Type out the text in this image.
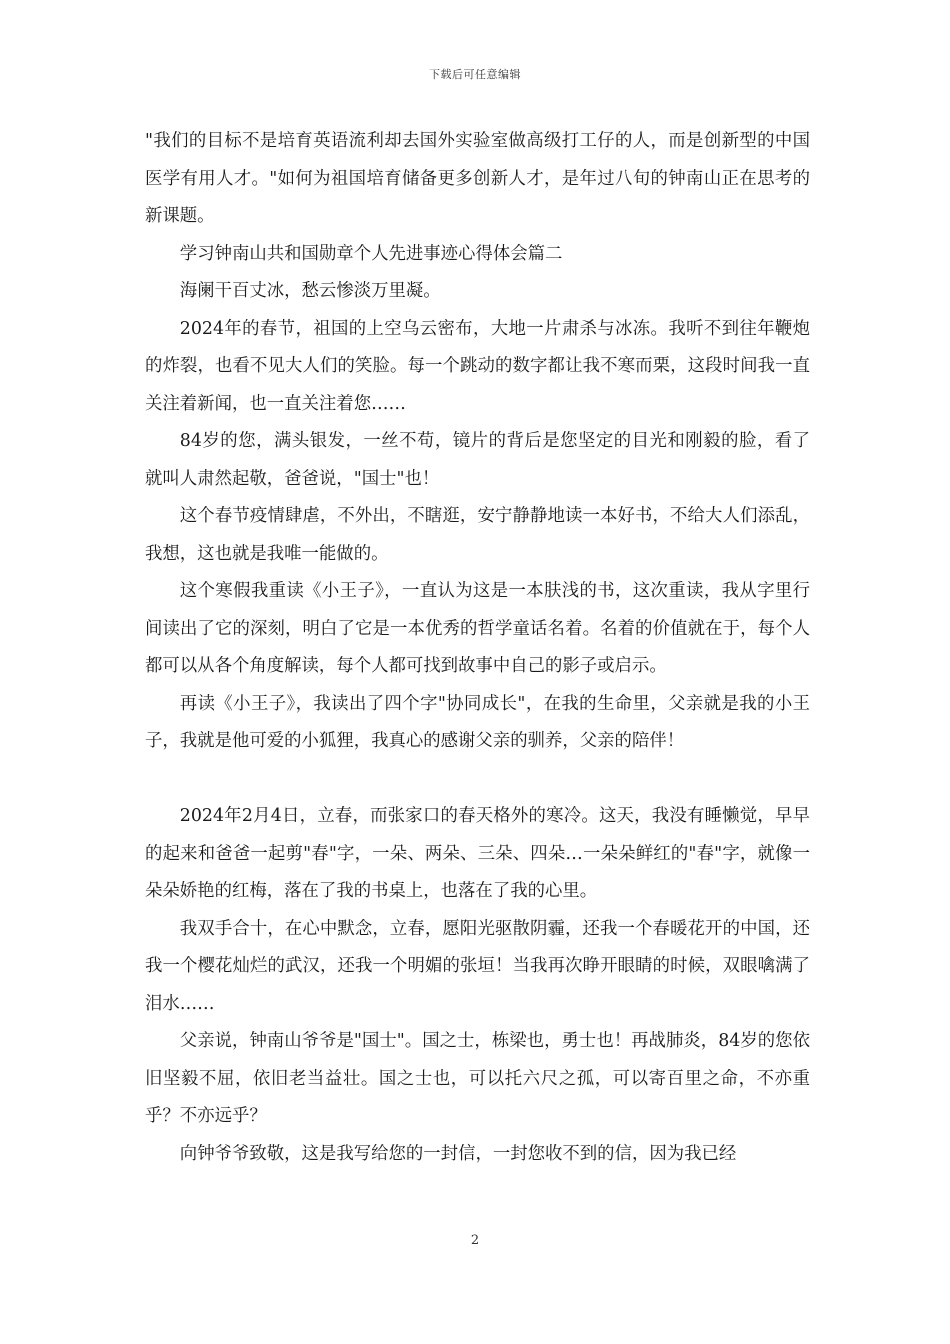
下载后可任意编辑

"我们的目标不是培育英语流利却去国外实验室做高级打工仔的人，而是创新型的中国医学有用人才。"如何为祖国培育储备更多创新人才，是年过八旬的钟南山正在思考的新课题。

学习钟南山共和国勋章个人先进事迹心得体会篇二

海阑干百丈冰，愁云惨淡万里凝。

2024年的春节，祖国的上空乌云密布，大地一片肃杀与冰冻。我听不到往年鞭炮的炸裂，也看不见大人们的笑脸。每一个跳动的数字都让我不寒而栗，这段时间我一直关注着新闻，也一直关注着您……

84岁的您，满头银发，一丝不苟，镜片的背后是您坚定的目光和刚毅的脸，看了就叫人肃然起敬，爸爸说，"国士"也！

这个春节疫情肆虐，不外出，不瞎逛，安宁静静地读一本好书，不给大人们添乱，我想，这也就是我唯一能做的。

这个寒假我重读《小王子》，一直认为这是一本肤浅的书，这次重读，我从字里行间读出了它的深刻，明白了它是一本优秀的哲学童话名着。名着的价值就在于，每个人都可以从各个角度解读，每个人都可找到故事中自己的影子或启示。

再读《小王子》，我读出了四个字"协同成长"，在我的生命里，父亲就是我的小王子，我就是他可爱的小狐狸，我真心的感谢父亲的驯养，父亲的陪伴！

2024年2月4日，立春，而张家口的春天格外的寒冷。这天，我没有睡懒觉，早早的起来和爸爸一起剪"春"字，一朵、两朵、三朵、四朵…一朵朵鲜红的"春"字，就像一朵朵娇艳的红梅，落在了我的书桌上，也落在了我的心里。

我双手合十，在心中默念，立春，愿阳光驱散阴霾，还我一个春暖花开的中国，还我一个樱花灿烂的武汉，还我一个明媚的张垣！当我再次睁开眼睛的时候，双眼噙满了泪水……

父亲说，钟南山爷爷是"国士"。国之士，栋梁也，勇士也！再战肺炎，84岁的您依旧坚毅不屈，依旧老当益壮。国之士也，可以托六尺之孤，可以寄百里之命，不亦重乎？不亦远乎？

向钟爷爷致敬，这是我写给您的一封信，一封您收不到的信，因为我已经

2
